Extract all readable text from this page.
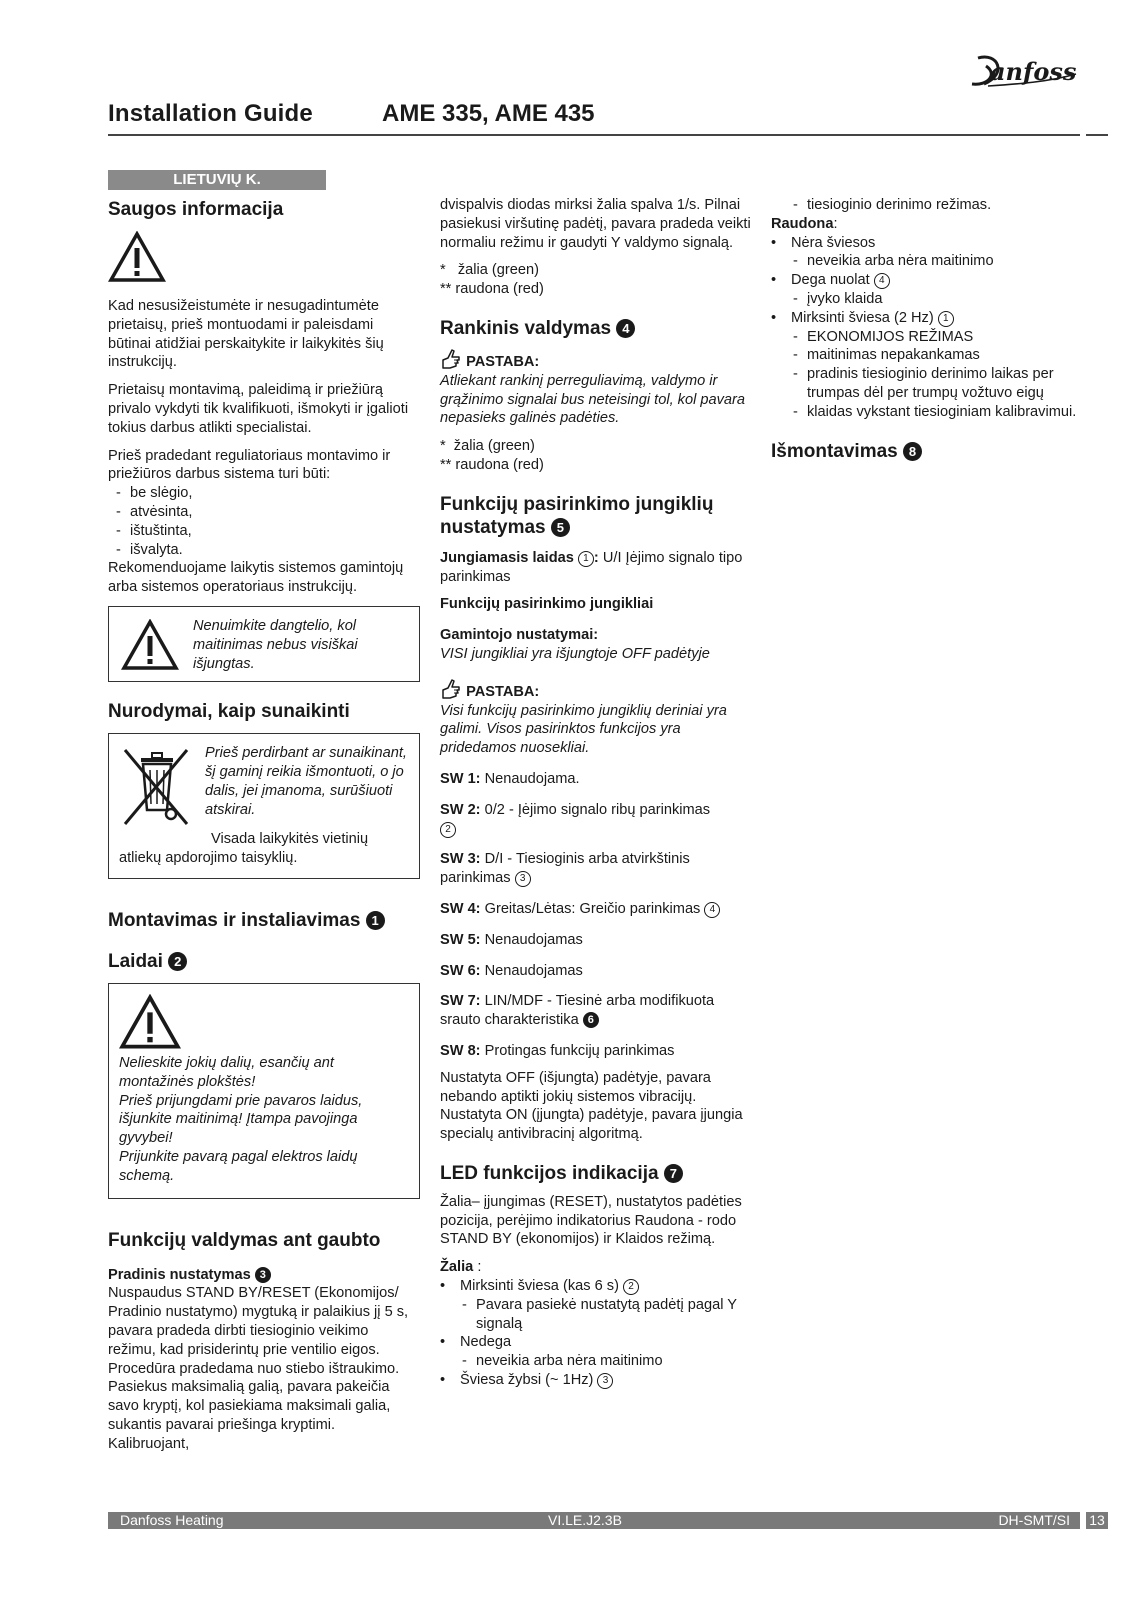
anfoss
Installation Guide	AME 335, AME 435
LIETUVIŲ K.
Saugos informacija

Kad nesusižeistumėte ir nesugadintumėte prietaisų, prieš montuodami ir paleisdami būtinai atidžiai perskaitykite ir laikykitės šių instrukcijų.

Prietaisų montavimą, paleidimą ir priežiūrą privalo vykdyti tik kvalifikuoti, išmokyti ir įgalioti tokius darbus atlikti specialistai.

Prieš pradedant reguliatoriaus montavimo ir priežiūros darbus sistema turi būti:
- be slėgio,
- atvėsinta,
- ištuštinta,
- išvalyta.

Rekomenduojame laikytis sistemos gamintojų arba sistemos operatoriaus instrukcijų.

Nenuimkite dangtelio, kol maitinimas nebus visiškai išjungtas.
Nurodymai, kaip sunaikinti
Prieš perdirbant ar sunaikinant, šį gaminį reikia išmontuoti, o jo dalis, jei įmanoma, surūšiuoti atskirai.
Visada laikykitės vietinių atliekų apdorojimo taisyklių.
Montavimas ir instaliavimas 1
Laidai 2
Nelieskite jokių dalių, esančių ant montažinės plokštės!
Prieš prijungdami prie pavaros laidus, išjunkite maitinimą! Įtampa pavojinga gyvybei!
Prijunkite pavarą pagal elektros laidų schemą.
Funkcijų valdymas ant gaubto
Pradinis nustatymas 3
Nuspaudus STAND BY/RESET (Ekonomijos/ Pradinio nustatymo) mygtuką ir palaikius jį 5 s, pavara pradeda dirbti tiesioginio veikimo režimu, kad prisiderintų prie ventilio eigos. Procedūra pradedama nuo stiebo ištraukimo. Pasiekus maksimalią galią, pavara pakeičia savo kryptį, kol pasiekiama maksimali galia, sukantis pavarai priešinga kryptimi. Kalibruojant,

dvispalvis diodas mirksi žalia spalva 1/s. Pilnai pasiekusi viršutinę padėtį, pavara pradeda veikti normaliu režimu ir gaudyti Y valdymo signalą.

*   žalia (green)
** raudona (red)
Rankinis valdymas 4
PASTABA:

Atliekant rankinį perreguliavimą, valdymo ir grąžinimo signalai bus neteisingi tol, kol pavara nepasieks galinės padėties.

*  žalia (green)
** raudona (red)
Funkcijų pasirinkimo jungiklių nustatymas 5

Jungiamasis laidas 1 : U/I Įėjimo signalo tipo parinkimas

Funkcijų pasirinkimo jungikliai

Gamintojo nustatymai:

VISI jungikliai yra išjungtoje OFF padėtyje

PASTABA:

Visi funkcijų pasirinkimo jungiklių deriniai yra galimi. Visos pasirinktos funkcijos yra pridedamos nuosekliai.

SW 1: Nenaudojama.

SW 2: 0/2 - Įėjimo signalo ribų parinkimas
2

SW 3: D/I - Tiesioginis arba atvirkštinis parinkimas 3

SW 4: Greitas/Lėtas: Greičio parinkimas 4

SW 5: Nenaudojamas

SW 6: Nenaudojamas

SW 7: LIN/MDF - Tiesinė arba modifikuota srauto charakteristika 6

SW 8: Protingas funkcijų parinkimas

Nustatyta OFF (išjungta) padėtyje, pavara nebando aptikti jokių sistemos vibracijų. Nustatyta ON (įjungta) padėtyje, pavara įjungia specialų antivibracinį algoritmą.

LED funkcijos indikacija 7

Žalia– įjungimas (RESET), nustatytos padėties pozicija, perėjimo indikatorius Raudona - rodo STAND BY (ekonomijos) ir Klaidos režimą.

Žalia :
• Mirksinti šviesa (kas 6 s) 2
- Pavara pasiekė nustatytą padėtį pagal Y signalą
• Nedega
- neveikia arba nėra maitinimo
• Šviesa žybsi (~ 1Hz) 3
- tiesioginio derinimo režimas.
Raudona:
• Nėra šviesos
- neveikia arba nėra maitinimo
• Dega nuolat 4
- įvyko klaida
• Mirksinti šviesa (2 Hz) 1
- EKONOMIJOS REŽIMAS
- maitinimas nepakankamas
- pradinis tiesioginio derinimo laikas per trumpas dėl per trumpų vožtuvo eigų
- klaidas vykstant tiesioginiam kalibravimui.
Išmontavimas 8
Danfoss Heating	VI.LE.J2.3B	DH-SMT/SI 13
